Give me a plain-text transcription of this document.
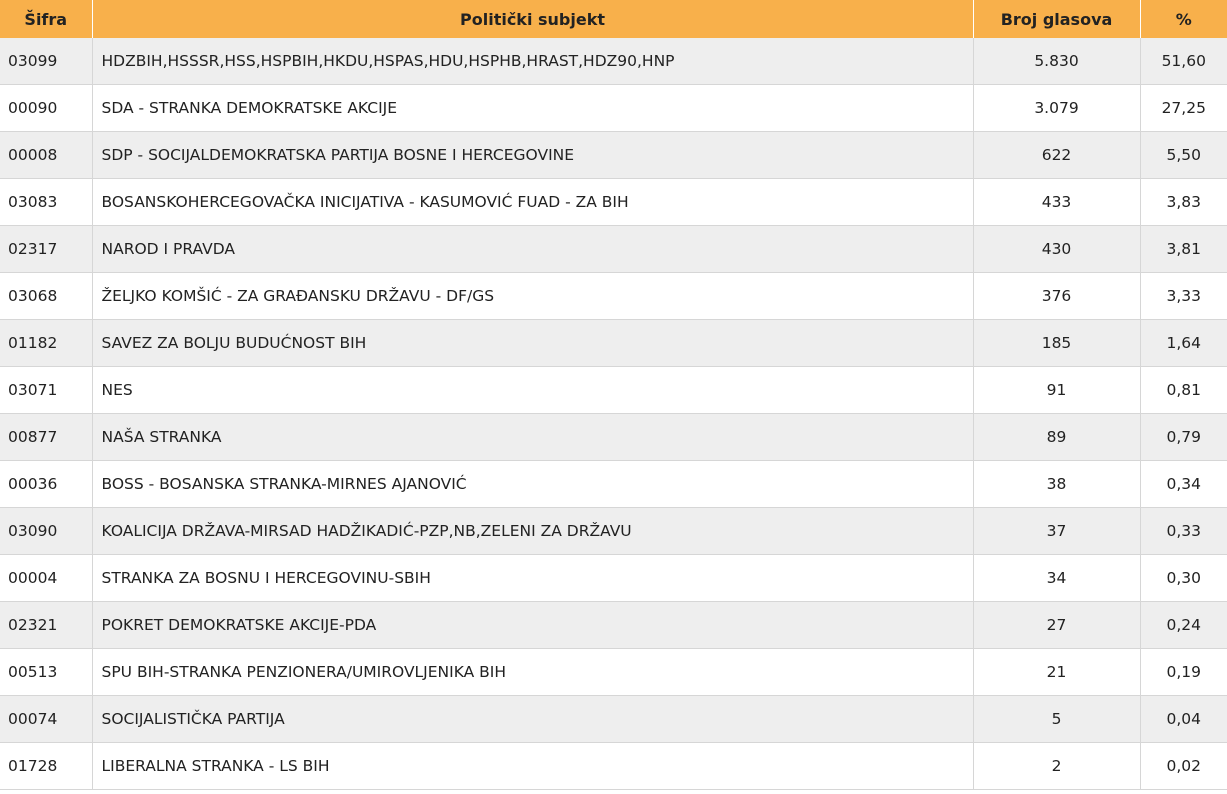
Šifra	Politički subjekt	Broj glasova	%
03099	HDZBIH,HSSSR,HSS,HSPBIH,HKDU,HSPAS,HDU,HSPHB,HRAST,HDZ90,HNP	5.830	51,60
00090	SDA - STRANKA DEMOKRATSKE AKCIJE	3.079	27,25
00008	SDP - SOCIJALDEMOKRATSKA PARTIJA BOSNE I HERCEGOVINE	622	5,50
03083	BOSANSKOHERCEGOVAČKA INICIJATIVA - KASUMOVIĆ FUAD - ZA BIH	433	3,83
02317	NAROD I PRAVDA	430	3,81
03068	ŽELJKO KOMŠIĆ - ZA GRAĐANSKU DRŽAVU - DF/GS	376	3,33
01182	SAVEZ ZA BOLJU BUDUĆNOST BIH	185	1,64
03071	NES	91	0,81
00877	NAŠA STRANKA	89	0,79
00036	BOSS - BOSANSKA STRANKA-MIRNES AJANOVIĆ	38	0,34
03090	KOALICIJA DRŽAVA-MIRSAD HADŽIKADIĆ-PZP,NB,ZELENI ZA DRŽAVU	37	0,33
00004	STRANKA ZA BOSNU I HERCEGOVINU-SBIH	34	0,30
02321	POKRET DEMOKRATSKE AKCIJE-PDA	27	0,24
00513	SPU BIH-STRANKA PENZIONERA/UMIROVLJENIKA BIH	21	0,19
00074	SOCIJALISTIČKA PARTIJA	5	0,04
01728	LIBERALNA STRANKA - LS BIH	2	0,02
